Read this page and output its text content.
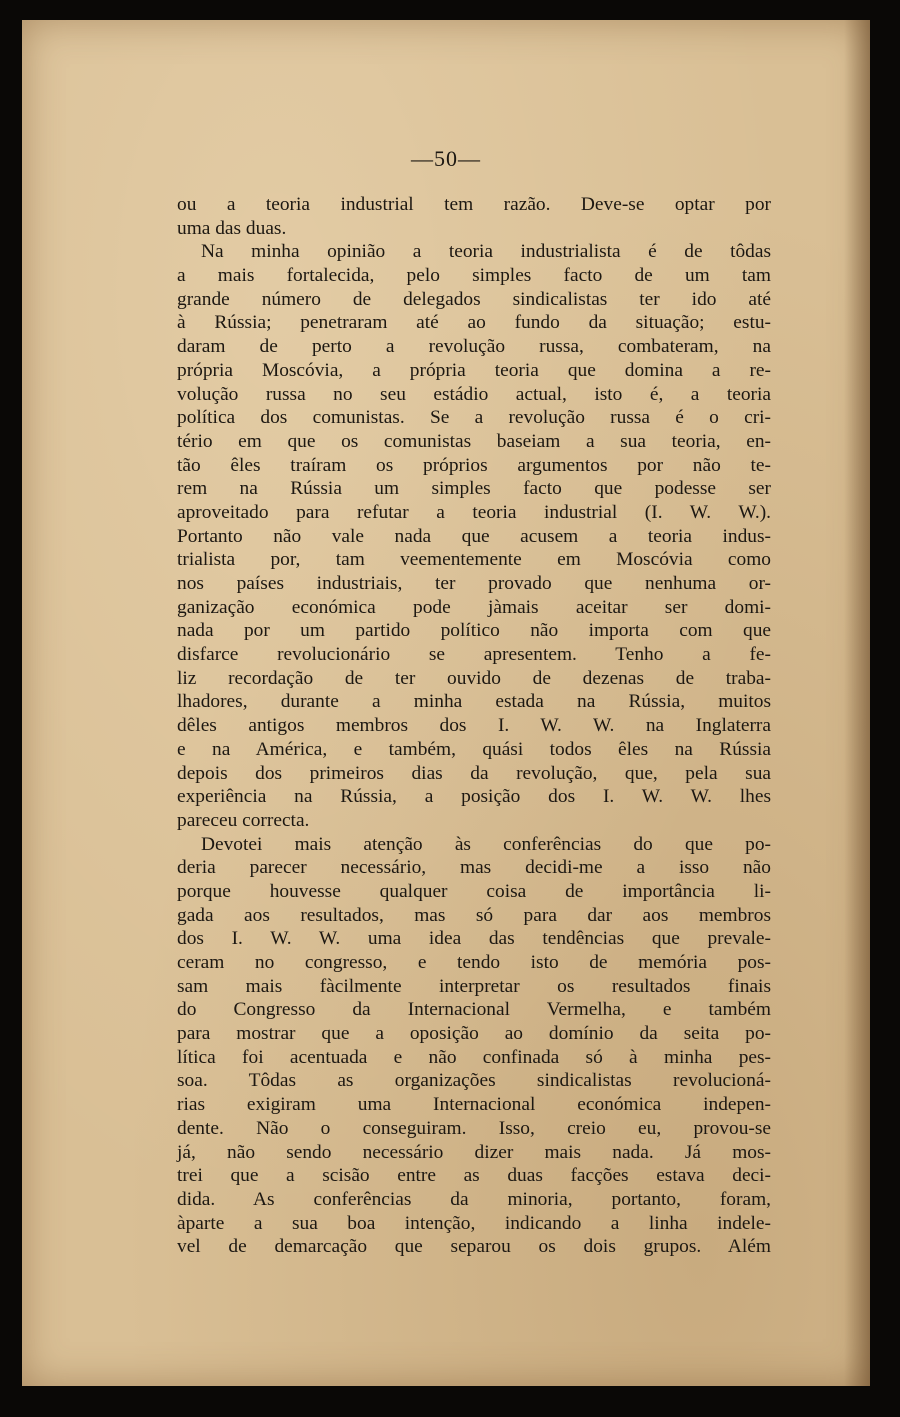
—50—
ou a teoria industrial tem razão. Deve-se optar por
uma das duas.
Na minha opinião a teoria industrialista é de tôdas
a mais fortalecida, pelo simples facto de um tam
grande número de delegados sindicalistas ter ido até
à Rússia; penetraram até ao fundo da situação; estu-
daram de perto a revolução russa, combateram, na
própria Moscóvia, a própria teoria que domina a re-
volução russa no seu estádio actual, isto é, a teoria
política dos comunistas. Se a revolução russa é o cri-
tério em que os comunistas baseiam a sua teoria, en-
tão êles traíram os próprios argumentos por não te-
rem na Rússia um simples facto que podesse ser
aproveitado para refutar a teoria industrial (I. W. W.).
Portanto não vale nada que acusem a teoria indus-
trialista por, tam veementemente em Moscóvia como
nos países industriais, ter provado que nenhuma or-
ganização económica pode jàmais aceitar ser domi-
nada por um partido político não importa com que
disfarce revolucionário se apresentem. Tenho a fe-
liz recordação de ter ouvido de dezenas de traba-
lhadores, durante a minha estada na Rússia, muitos
dêles antigos membros dos I. W. W. na Inglaterra
e na América, e também, quási todos êles na Rússia
depois dos primeiros dias da revolução, que, pela sua
experiência na Rússia, a posição dos I. W. W. lhes
pareceu correcta.
Devotei mais atenção às conferências do que po-
deria parecer necessário, mas decidi-me a isso não
porque houvesse qualquer coisa de importância li-
gada aos resultados, mas só para dar aos membros
dos I. W. W. uma idea das tendências que prevale-
ceram no congresso, e tendo isto de memória pos-
sam mais fàcilmente interpretar os resultados finais
do Congresso da Internacional Vermelha, e também
para mostrar que a oposição ao domínio da seita po-
lítica foi acentuada e não confinada só à minha pes-
soa. Tôdas as organizações sindicalistas revolucioná-
rias exigiram uma Internacional económica indepen-
dente. Não o conseguiram. Isso, creio eu, provou-se
já, não sendo necessário dizer mais nada. Já mos-
trei que a scisão entre as duas facções estava deci-
dida. As conferências da minoria, portanto, foram,
àparte a sua boa intenção, indicando a linha indele-
vel de demarcação que separou os dois grupos. Além
